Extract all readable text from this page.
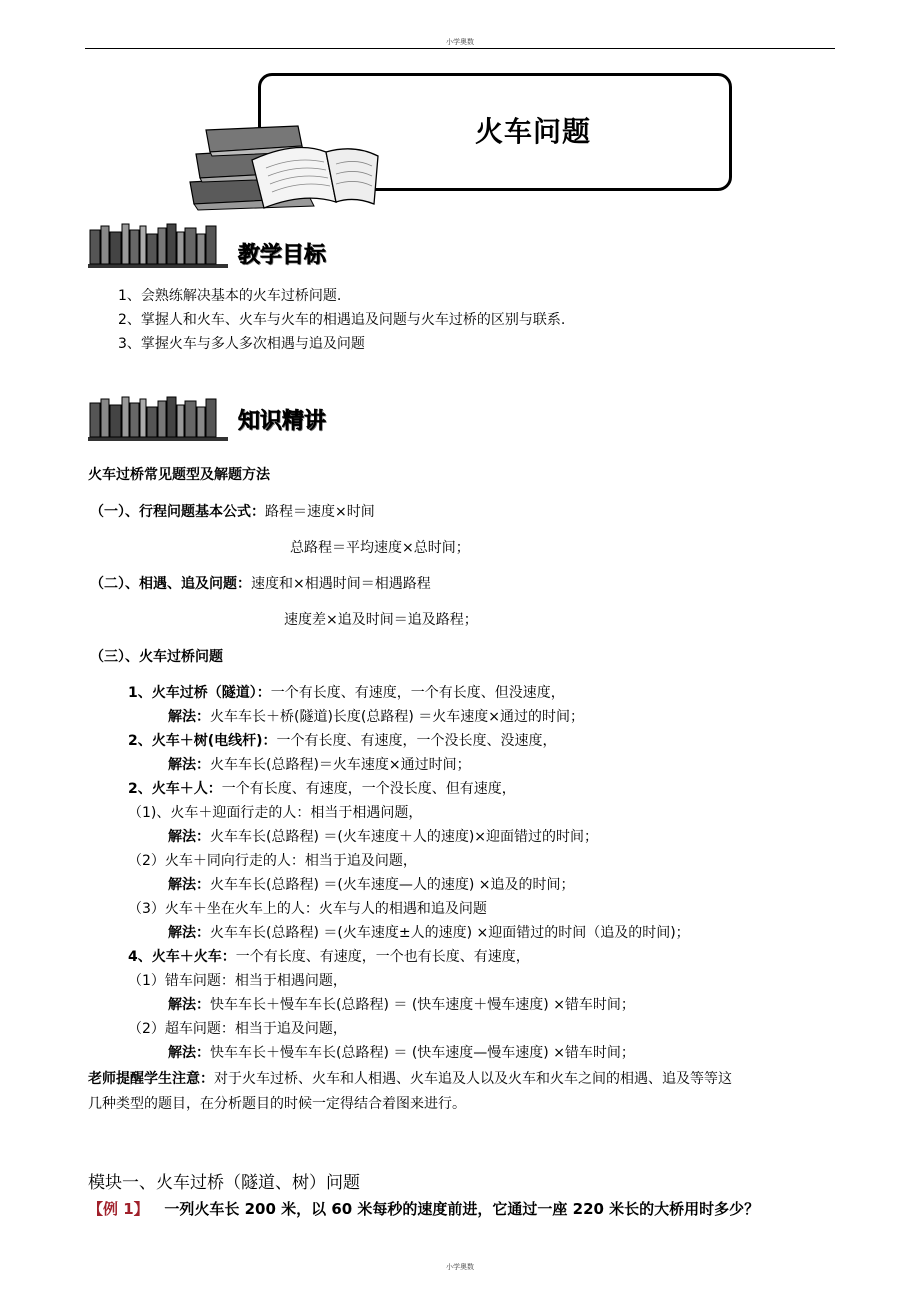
小学奥数
火车问题
教学目标
1、会熟练解决基本的火车过桥问题.
2、掌握人和火车、火车与火车的相遇追及问题与火车过桥的区别与联系.
3、掌握火车与多人多次相遇与追及问题
知识精讲
火车过桥常见题型及解题方法
（一）、行程问题基本公式：路程＝速度×时间
总路程＝平均速度×总时间；
（二）、相遇、追及问题：速度和×相遇时间＝相遇路程
速度差×追及时间＝追及路程；
（三）、火车过桥问题
1、火车过桥（隧道）：一个有长度、有速度，一个有长度、但没速度，
解法：火车车长＋桥(隧道)长度(总路程) ＝火车速度×通过的时间；
2、火车＋树(电线杆)：一个有长度、有速度，一个没长度、没速度，
解法：火车车长(总路程)＝火车速度×通过时间；
2、火车＋人：一个有长度、有速度，一个没长度、但有速度，
（1)、火车＋迎面行走的人：相当于相遇问题，
解法：火车车长(总路程) ＝(火车速度＋人的速度)×迎面错过的时间；
（2）火车＋同向行走的人：相当于追及问题，
解法：火车车长(总路程) ＝(火车速度—人的速度) ×追及的时间；
（3）火车＋坐在火车上的人：火车与人的相遇和追及问题
解法：火车车长(总路程) ＝(火车速度±人的速度) ×迎面错过的时间（追及的时间)；
4、火车＋火车：一个有长度、有速度，一个也有长度、有速度，
（1）错车问题：相当于相遇问题，
解法：快车车长＋慢车车长(总路程) ＝ (快车速度＋慢车速度) ×错车时间；
（2）超车问题：相当于追及问题，
解法：快车车长＋慢车车长(总路程) ＝ (快车速度—慢车速度) ×错车时间；
老师提醒学生注意：对于火车过桥、火车和人相遇、火车追及人以及火车和火车之间的相遇、追及等等这
几种类型的题目，在分析题目的时候一定得结合着图来进行。
模块一、火车过桥（隧道、树）问题
【例 1】 一列火车长 200 米，以 60 米每秒的速度前进，它通过一座 220 米长的大桥用时多少？
小学奥数
